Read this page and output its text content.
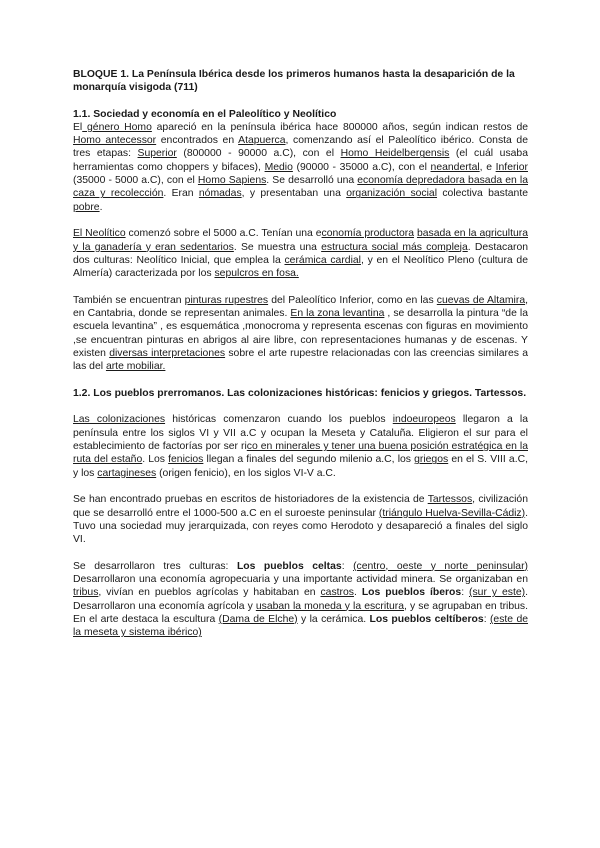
BLOQUE 1. La Península Ibérica desde los primeros humanos hasta la desaparición de la monarquía visigoda (711)

1.1. Sociedad y economía en el Paleolítico y Neolítico

El género Homo apareció en la península ibérica hace 800000 años, según indican restos de Homo antecessor encontrados en Atapuerca, comenzando así el Paleolítico ibérico. Consta de tres etapas: Superior (800000 - 90000 a.C), con el Homo Heidelbergensis (el cuál usaba herramientas como choppers y bifaces), Medio (90000 - 35000 a.C), con el neandertal, e Inferior (35000 - 5000 a.C), con el Homo Sapiens. Se desarrolló una economía depredadora basada en la caza y recolección. Eran nómadas, y presentaban una organización social colectiva bastante pobre.

El Neolítico comenzó sobre el 5000 a.C. Tenían una economía productora basada en la agricultura y la ganadería y eran sedentarios. Se muestra una estructura social más compleja. Destacaron dos culturas: Neolítico Inicial, que emplea la cerámica cardial, y en el Neolítico Pleno (cultura de Almería) caracterizada por los sepulcros en fosa.

También se encuentran pinturas rupestres del Paleolítico Inferior, como en las cuevas de Altamira, en Cantabria, donde se representan animales. En la zona levantina , se desarrolla la pintura “de la escuela levantina” , es esquemática ,monocroma y representa escenas con figuras en movimiento ,se encuentran pinturas en abrigos al aire libre, con representaciones humanas y de escenas. Y existen diversas interpretaciones sobre el arte rupestre relacionadas con las creencias similares a las del arte mobiliar.

1.2. Los pueblos prerromanos. Las colonizaciones históricas: fenicios y griegos. Tartessos.

Las colonizaciones históricas comenzaron cuando los pueblos indoeuropeos llegaron a la península entre los siglos VI y VII a.C y ocupan la Meseta y Cataluña. Eligieron el sur para el establecimiento de factorías por ser rico en minerales y tener una buena posición estratégica en la ruta del estaño. Los fenicios llegan a finales del segundo milenio a.C, los griegos en el S. VIII a.C, y los cartagineses (origen fenicio), en los siglos VI-V a.C.

Se han encontrado pruebas en escritos de historiadores de la existencia de Tartessos, civilización que se desarrolló entre el 1000-500 a.C en el suroeste peninsular (triángulo Huelva-Sevilla-Cádiz). Tuvo una sociedad muy jerarquizada, con reyes como Herodoto y desapareció a finales del siglo VI.

Se desarrollaron tres culturas: Los pueblos celtas: (centro, oeste y norte peninsular) Desarrollaron una economía agropecuaria y una importante actividad minera. Se organizaban en tribus, vivían en pueblos agrícolas y habitaban en castros. Los pueblos íberos: (sur y este). Desarrollaron una economía agrícola y usaban la moneda y la escritura, y se agrupaban en tribus. En el arte destaca la escultura (Dama de Elche) y la cerámica. Los pueblos celtíberos: (este de la meseta y sistema ibérico)
